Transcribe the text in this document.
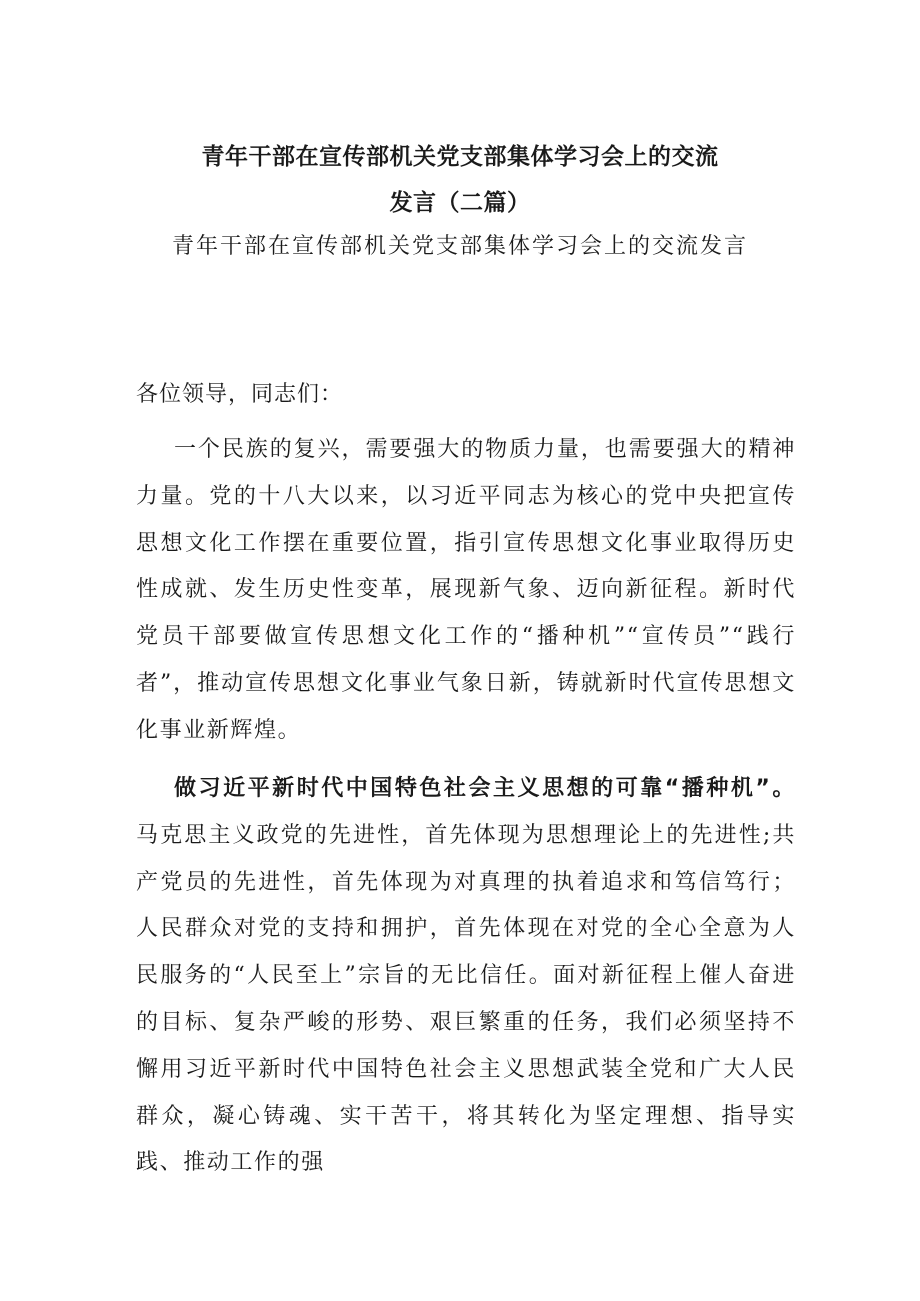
青年干部在宣传部机关党支部集体学习会上的交流
发言（二篇）
青年干部在宣传部机关党支部集体学习会上的交流发言
各位领导，同志们：

一个民族的复兴，需要强大的物质力量，也需要强大的精神力量。党的十八大以来，以习近平同志为核心的党中央把宣传思想文化工作摆在重要位置，指引宣传思想文化事业取得历史性成就、发生历史性变革，展现新气象、迈向新征程。新时代党员干部要做宣传思想文化工作的“播种机”“宣传员”“践行者”，推动宣传思想文化事业气象日新，铸就新时代宣传思想文化事业新辉煌。

做习近平新时代中国特色社会主义思想的可靠“播种机”。马克思主义政党的先进性，首先体现为思想理论上的先进性;共产党员的先进性，首先体现为对真理的执着追求和笃信笃行；人民群众对党的支持和拥护，首先体现在对党的全心全意为人民服务的“人民至上”宗旨的无比信任。面对新征程上催人奋进的目标、复杂严峻的形势、艰巨繁重的任务，我们必须坚持不懈用习近平新时代中国特色社会主义思想武装全党和广大人民群众，凝心铸魂、实干苦干，将其转化为坚定理想、指导实践、推动工作的强
